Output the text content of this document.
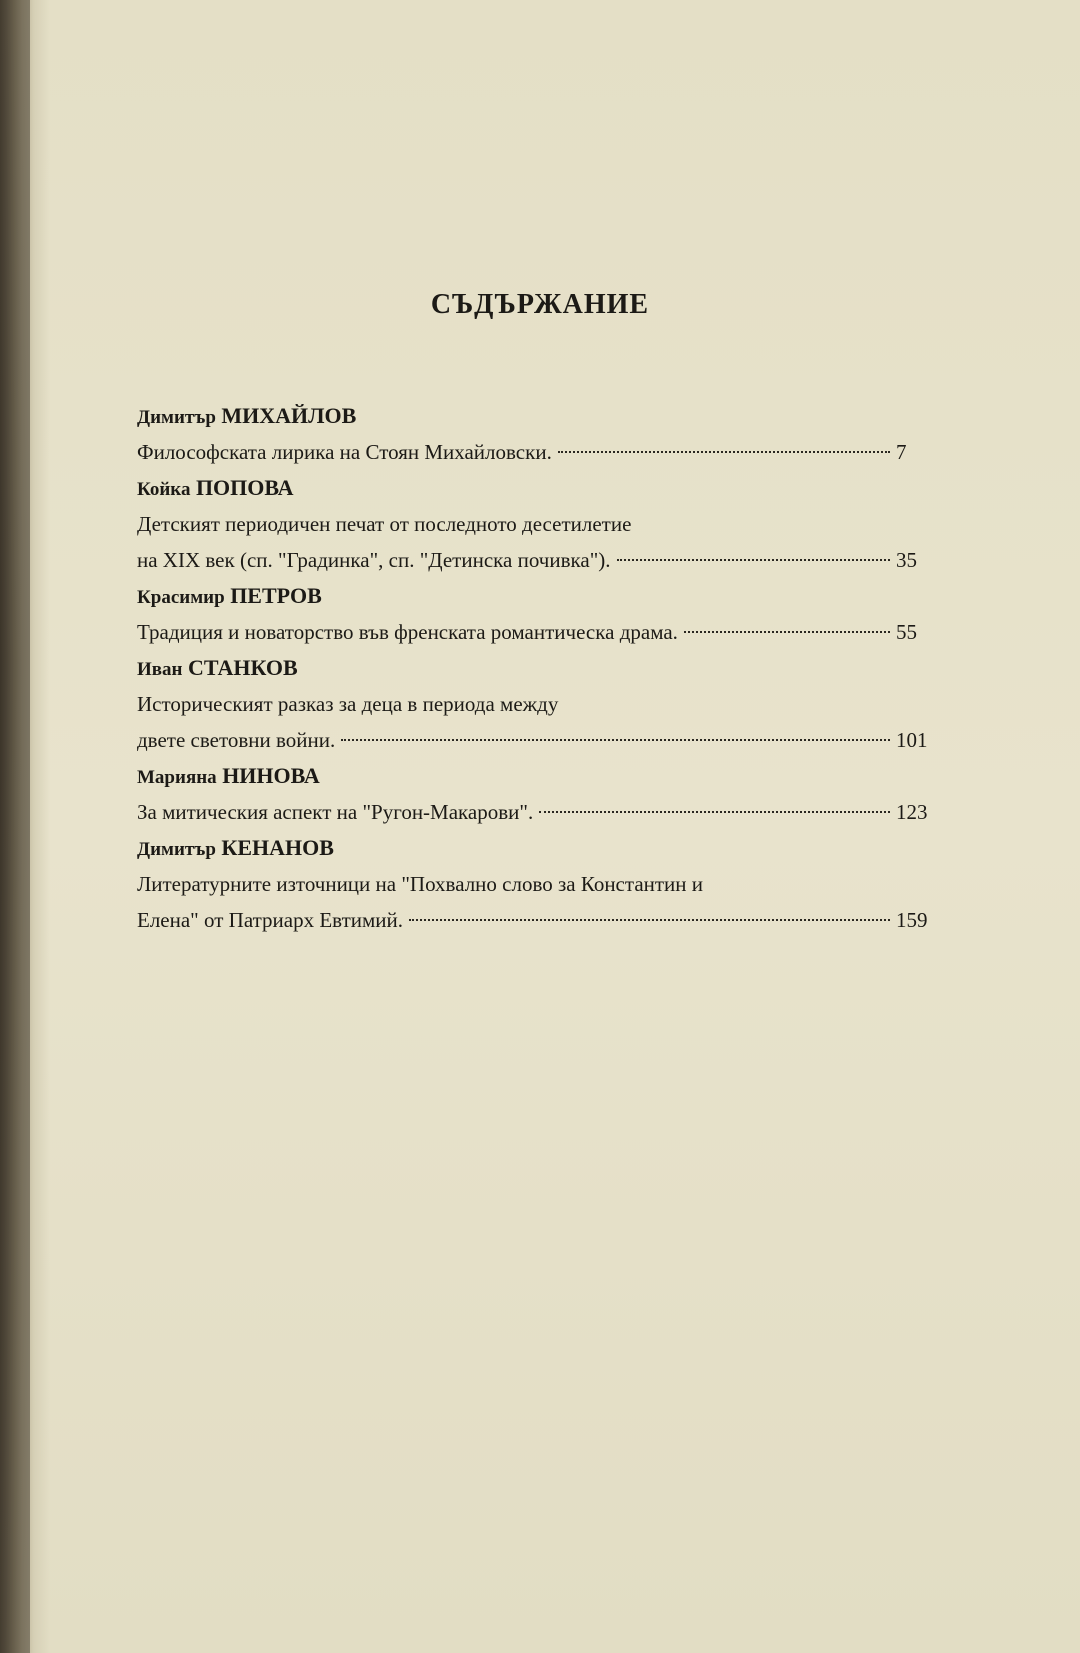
СЪДЪРЖАНИЕ
Димитър МИХАЙЛОВ
Философската лирика на Стоян Михайловски.	7
Койка ПОПОВА
Детският периодичен печат от последното десетилетие
на XIX век (сп. "Градинка", сп. "Детинска почивка").	35
Красимир ПЕТРОВ
Традиция и новаторство във френската романтическа драма.	55
Иван СТАНКОВ
Историческият разказ за деца в периода между
двете световни войни.	101
Марияна НИНОВА
За митическия аспект на "Ругон-Макарови".	123
Димитър КЕНАНОВ
Литературните източници на "Похвално слово за Константин и
Елена" от Патриарх Евтимий.	159
